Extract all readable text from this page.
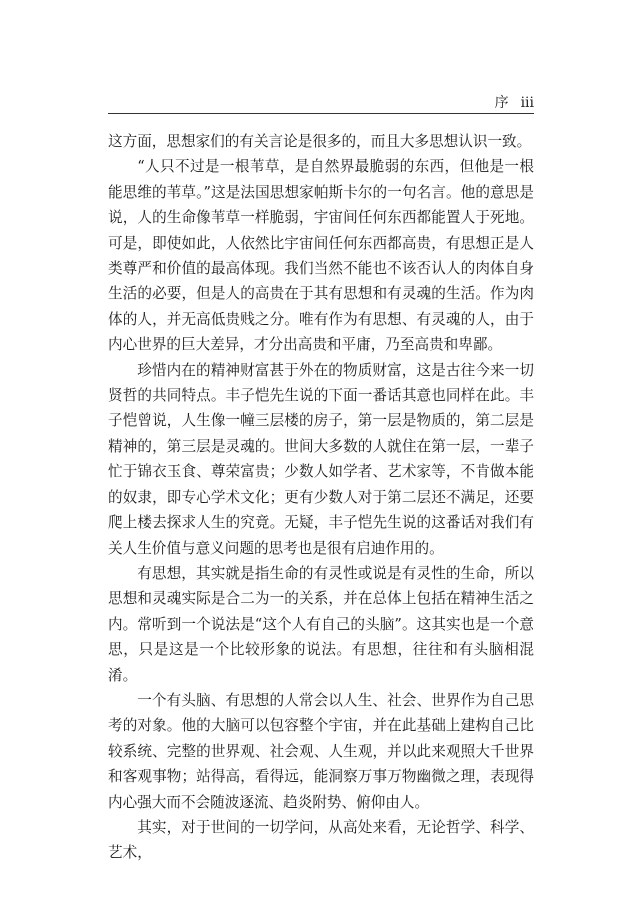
序 iii

这方面，思想家们的有关言论是很多的，而且大多思想认识一致。

“人只不过是一根苇草，是自然界最脆弱的东西，但他是一根能思维的苇草。”这是法国思想家帕斯卡尔的一句名言。他的意思是说，人的生命像苇草一样脆弱，宇宙间任何东西都能置人于死地。可是，即使如此，人依然比宇宙间任何东西都高贵，有思想正是人类尊严和价值的最高体现。我们当然不能也不该否认人的肉体自身生活的必要，但是人的高贵在于其有思想和有灵魂的生活。作为肉体的人，并无高低贵贱之分。唯有作为有思想、有灵魂的人，由于内心世界的巨大差异，才分出高贵和平庸，乃至高贵和卑鄙。

珍惜内在的精神财富甚于外在的物质财富，这是古往今来一切贤哲的共同特点。丰子恺先生说的下面一番话其意也同样在此。丰子恺曾说，人生像一幢三层楼的房子，第一层是物质的，第二层是精神的，第三层是灵魂的。世间大多数的人就住在第一层，一辈子忙于锦衣玉食、尊荣富贵；少数人如学者、艺术家等，不肯做本能的奴隶，即专心学术文化；更有少数人对于第二层还不满足，还要爬上楼去探求人生的究竟。无疑，丰子恺先生说的这番话对我们有关人生价值与意义问题的思考也是很有启迪作用的。

有思想，其实就是指生命的有灵性或说是有灵性的生命，所以思想和灵魂实际是合二为一的关系，并在总体上包括在精神生活之内。常听到一个说法是“这个人有自己的头脑”。这其实也是一个意思，只是这是一个比较形象的说法。有思想，往往和有头脑相混淆。

一个有头脑、有思想的人常会以人生、社会、世界作为自己思考的对象。他的大脑可以包容整个宇宙，并在此基础上建构自己比较系统、完整的世界观、社会观、人生观，并以此来观照大千世界和客观事物；站得高，看得远，能洞察万事万物幽微之理，表现得内心强大而不会随波逐流、趋炎附势、俯仰由人。

其实，对于世间的一切学问，从高处来看，无论哲学、科学、艺术，
